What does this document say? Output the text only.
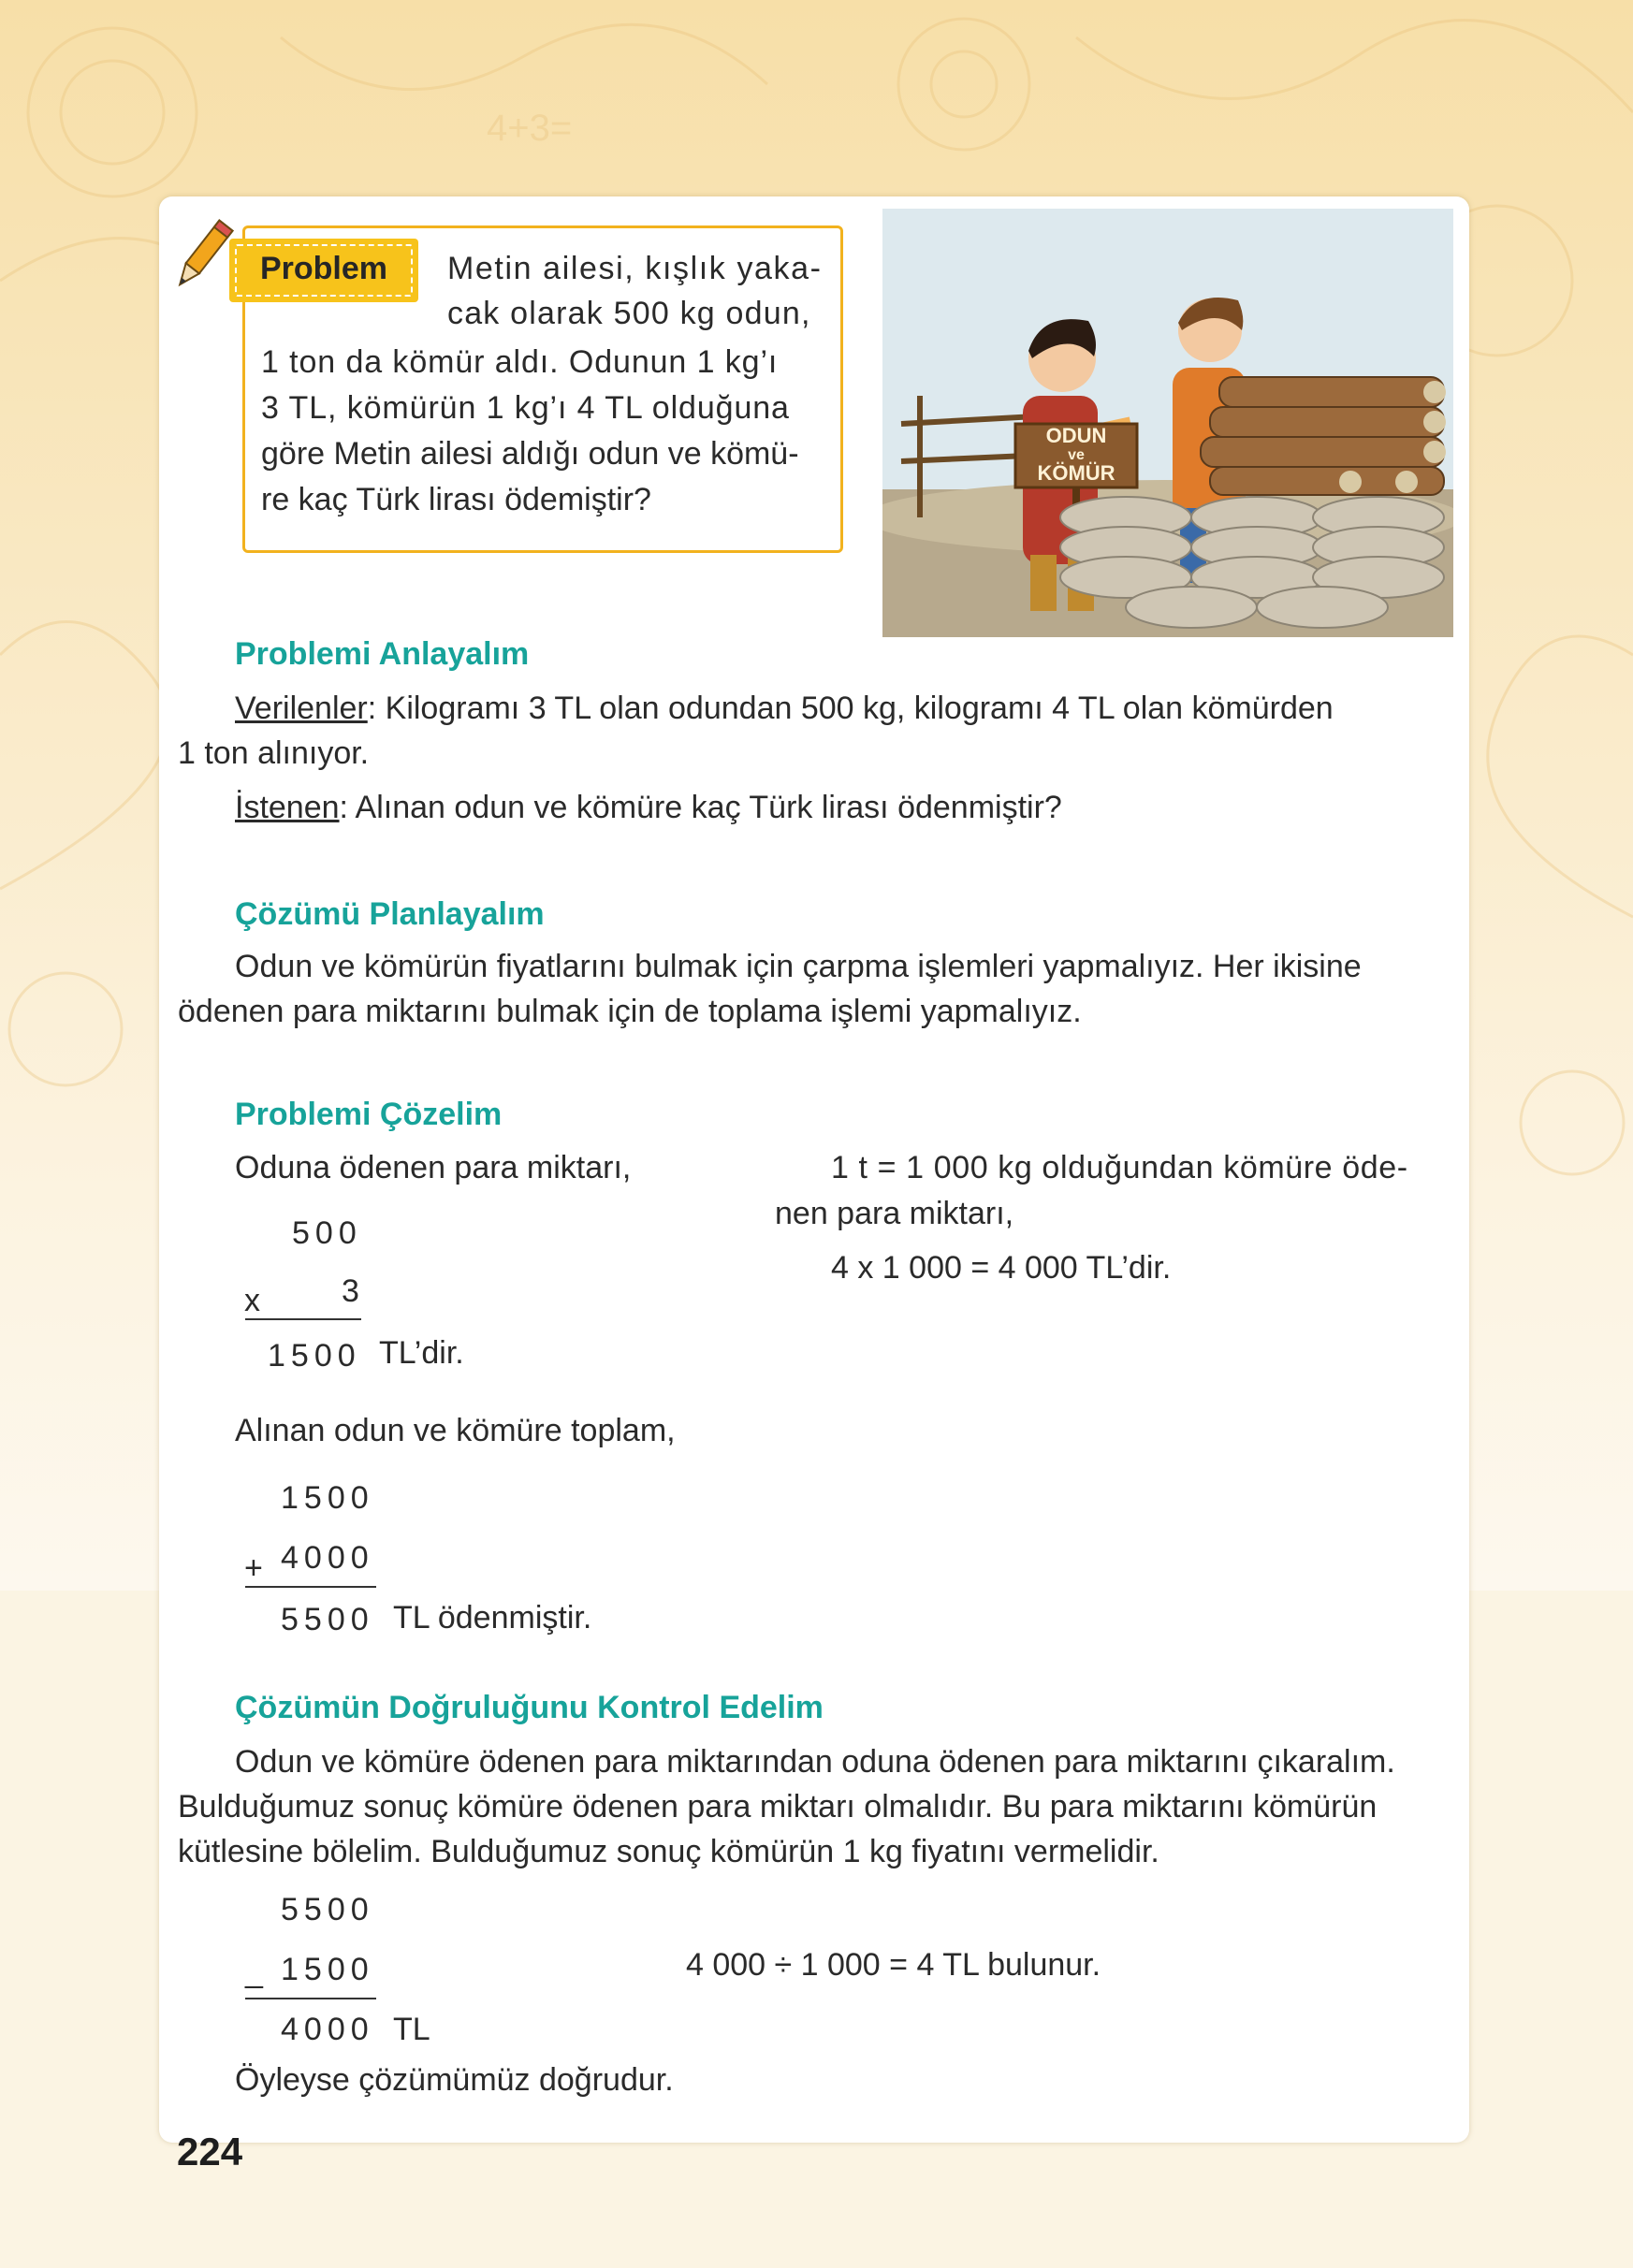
4+3=
Problem	Metin ailesi, kışlık yaka-
cak olarak 500 kg odun,
1 ton da kömür aldı. Odunun 1 kg’ı
3 TL, kömürün 1 kg’ı 4 TL olduğuna
göre Metin ailesi aldığı odun ve kömü-
re kaç Türk lirası ödemiştir?
ODUN
ve
KÖMÜR
Problemi Anlayalım
Verilenler: Kilogramı 3 TL olan odundan 500 kg, kilogramı 4 TL olan kömürden
1 ton alınıyor.
İstenen: Alınan odun ve kömüre kaç Türk lirası ödenmiştir?
Çözümü Planlayalım
Odun ve kömürün fiyatlarını bulmak için çarpma işlemleri yapmalıyız. Her ikisine
ödenen para miktarını bulmak için de toplama işlemi yapmalıyız.
Problemi Çözelim
Oduna ödenen para miktarı,
500
x	3
1500 TL’dir.
1 t = 1 000 kg olduğundan kömüre öde-
nen para miktarı,
4 x 1 000 = 4 000 TL’dir.
Alınan odun ve kömüre toplam,
1500
+ 4000
5500 TL ödenmiştir.
Çözümün Doğruluğunu Kontrol Edelim
Odun ve kömüre ödenen para miktarından oduna ödenen para miktarını çıkaralım.
Bulduğumuz sonuç kömüre ödenen para miktarı olmalıdır. Bu para miktarını kömürün
kütlesine bölelim. Bulduğumuz sonuç kömürün 1 kg fiyatını vermelidir.
5500
_ 1500
4000 TL
4 000 ÷ 1 000 = 4 TL bulunur.
Öyleyse çözümümüz doğrudur.
224
